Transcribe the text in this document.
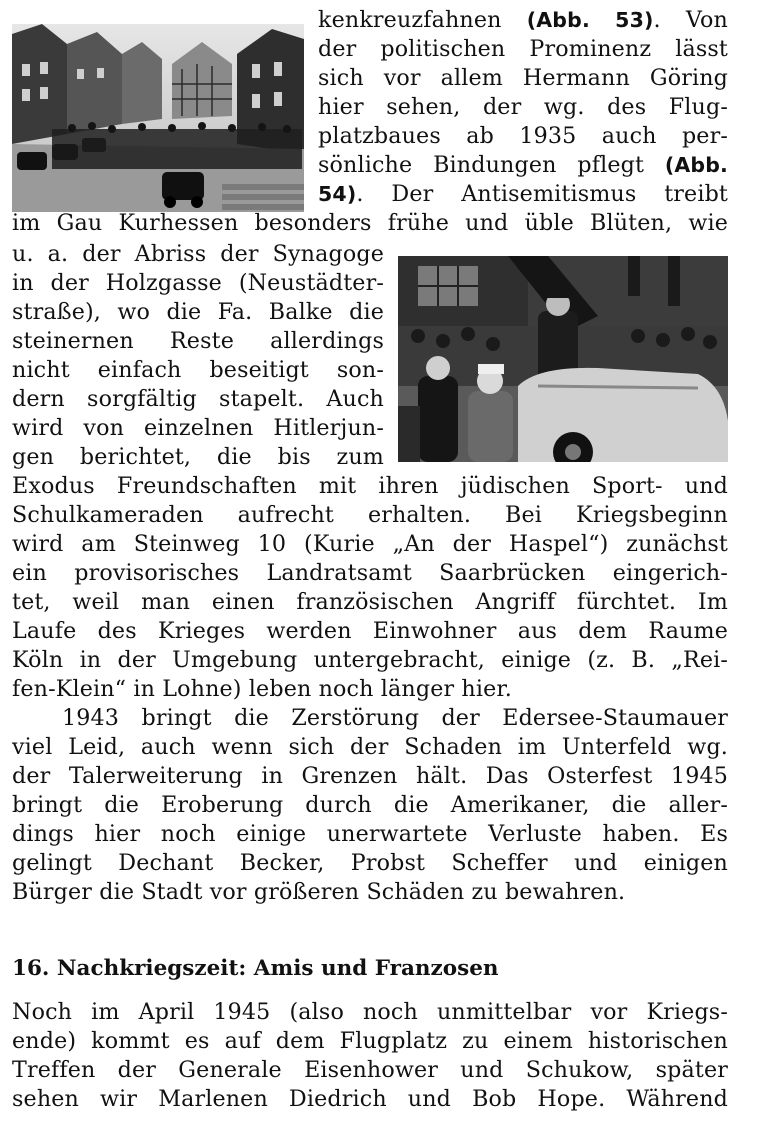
kenkreuzfahnen (Abb. 53). Von
der politischen Prominenz lässt
sich vor allem Hermann Göring
hier sehen, der wg. des Flug-
platzbaues ab 1935 auch per-
sönliche Bindungen pflegt (Abb.
54). Der Antisemitismus treibt
im Gau Kurhessen besonders frühe und üble Blüten, wie
u. a. der Abriss der Synagoge
in der Holzgasse (Neustädter-
straße), wo die Fa. Balke die
steinernen Reste allerdings
nicht einfach beseitigt son-
dern sorgfältig stapelt. Auch
wird von einzelnen Hitlerjun-
gen berichtet, die bis zum
Exodus Freundschaften mit ihren jüdischen Sport- und
Schulkameraden aufrecht erhalten. Bei Kriegsbeginn
wird am Steinweg 10 (Kurie „An der Haspel“) zunächst
ein provisorisches Landratsamt Saarbrücken eingerich-
tet, weil man einen französischen Angriff fürchtet. Im
Laufe des Krieges werden Einwohner aus dem Raume
Köln in der Umgebung untergebracht, einige (z. B. „Rei-
fen-Klein“ in Lohne) leben noch länger hier.
1943 bringt die Zerstörung der Edersee-Staumauer
viel Leid, auch wenn sich der Schaden im Unterfeld wg.
der Talerweiterung in Grenzen hält. Das Osterfest 1945
bringt die Eroberung durch die Amerikaner, die aller-
dings hier noch einige unerwartete Verluste haben. Es
gelingt Dechant Becker, Probst Scheffer und einigen
Bürger die Stadt vor größeren Schäden zu bewahren.
16. Nachkriegszeit: Amis und Franzosen
Noch im April 1945 (also noch unmittelbar vor Kriegs-
ende) kommt es auf dem Flugplatz zu einem historischen
Treffen der Generale Eisenhower und Schukow, später
sehen wir Marlenen Diedrich und Bob Hope. Während
